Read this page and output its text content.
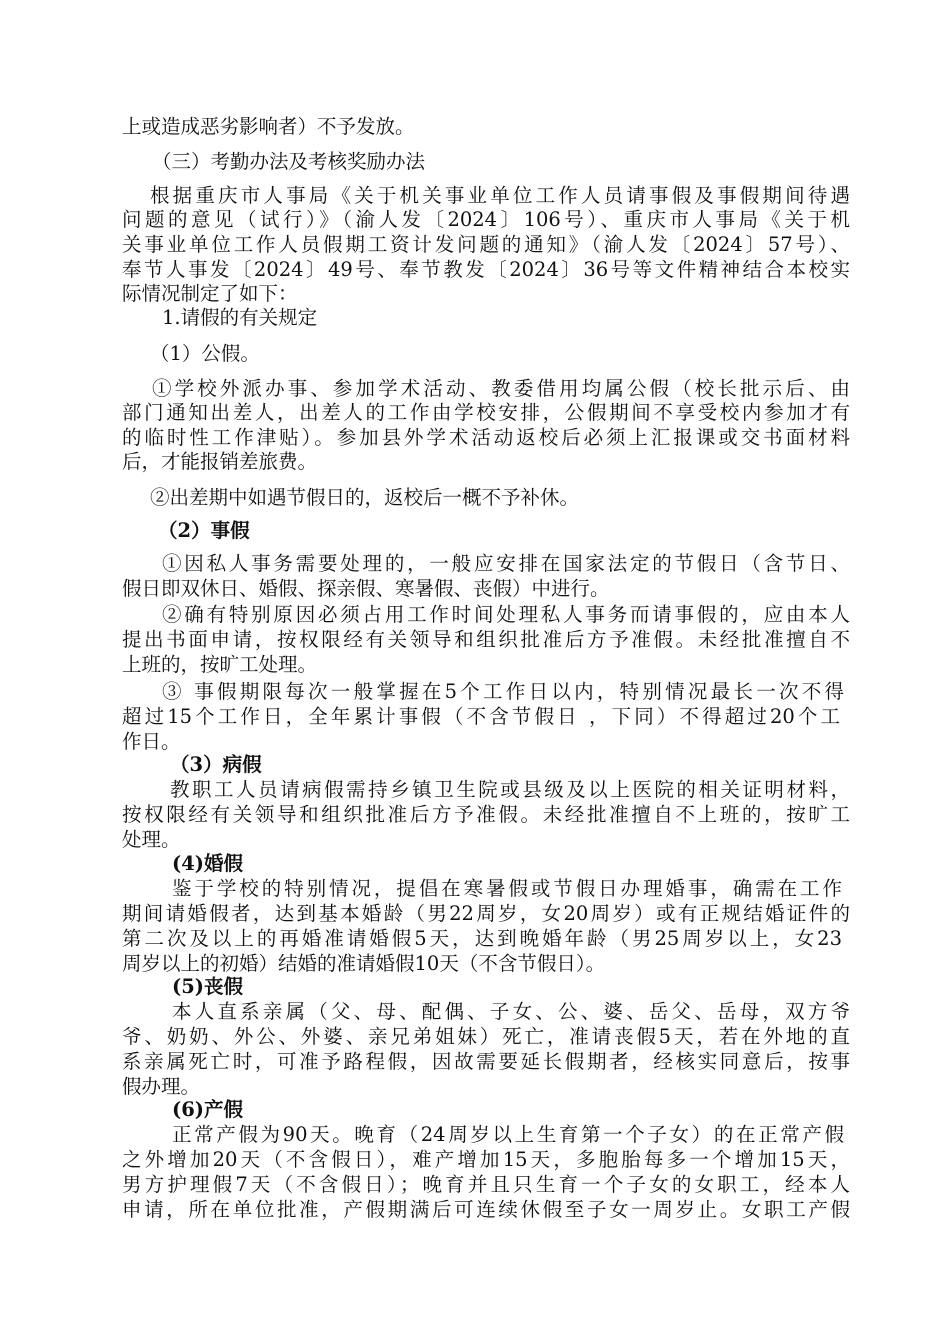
上或造成恶劣影响者）不予发放。
（三）考勤办法及考核奖励办法
根据重庆市人事局《关于机关事业单位工作人员请事假及事假期间待遇
问题的意见（试行）》（渝人发〔2024〕106号）、重庆市人事局《关于机
关事业单位工作人员假期工资计发问题的通知》（渝人发〔2024〕57号）、
奉节人事发〔2024〕49号、奉节教发〔2024〕36号等文件精神结合本校实
际情况制定了如下：
1.请假的有关规定
（1）公假。
①学校外派办事、参加学术活动、教委借用均属公假（校长批示后、由
部门通知出差人，出差人的工作由学校安排，公假期间不享受校内参加才有
的临时性工作津贴）。参加县外学术活动返校后必须上汇报课或交书面材料
后，才能报销差旅费。
②出差期中如遇节假日的，返校后一概不予补休。
（2）事假
①因私人事务需要处理的，一般应安排在国家法定的节假日（含节日、
假日即双休日、婚假、探亲假、寒暑假、丧假）中进行。
②确有特别原因必须占用工作时间处理私人事务而请事假的，应由本人
提出书面申请，按权限经有关领导和组织批准后方予准假。未经批准擅自不
上班的，按旷工处理。
③ 事假期限每次一般掌握在5个工作日以内，特别情况最长一次不得
超过15个工作日，全年累计事假（不含节假日 ，下同）不得超过20个工
作日。
（3）病假
教职工人员请病假需持乡镇卫生院或县级及以上医院的相关证明材料，
按权限经有关领导和组织批准后方予准假。未经批准擅自不上班的，按旷工
处理。
(4)婚假
鉴于学校的特别情况，提倡在寒暑假或节假日办理婚事，确需在工作
期间请婚假者，达到基本婚龄（男22周岁，女20周岁）或有正规结婚证件的
第二次及以上的再婚准请婚假5天，达到晚婚年龄（男25周岁以上，女23
周岁以上的初婚）结婚的准请婚假10天（不含节假日）。
(5)丧假
本人直系亲属（父、母、配偶、子女、公、婆、岳父、岳母，双方爷
爷、奶奶、外公、外婆、亲兄弟姐妹）死亡，准请丧假5天，若在外地的直
系亲属死亡时，可准予路程假，因故需要延长假期者，经核实同意后，按事
假办理。
(6)产假
正常产假为90天。晚育（24周岁以上生育第一个子女）的在正常产假
之外增加20天（不含假日），难产增加15天，多胞胎每多一个增加15天，
男方护理假7天（不含假日）；晚育并且只生育一个子女的女职工，经本人
申请，所在单位批准，产假期满后可连续休假至子女一周岁止。女职工产假
